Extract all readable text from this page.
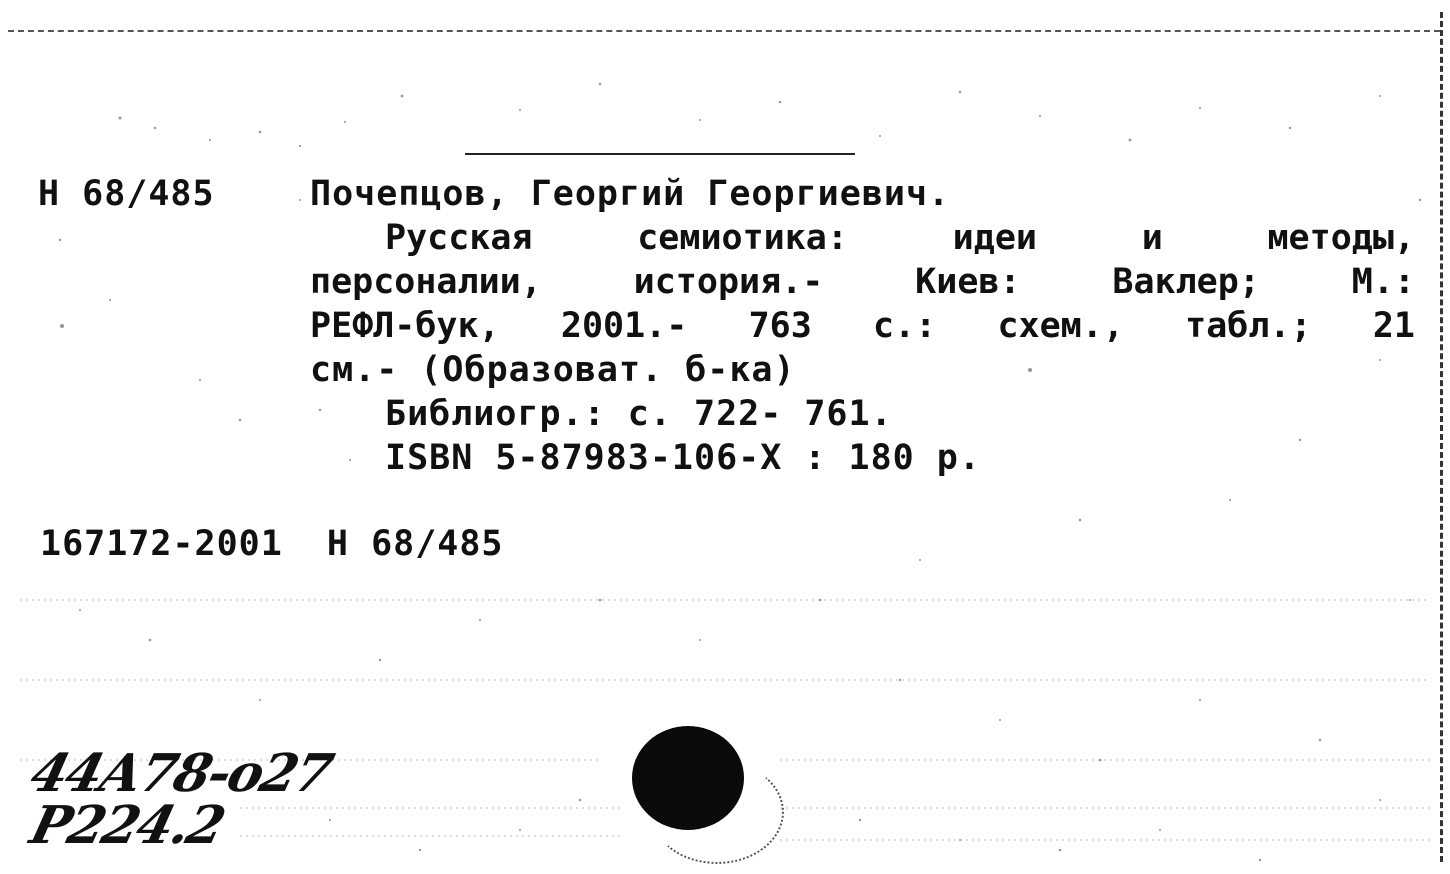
Н 68/485	Почепцов, Георгий Георгиевич.
Русская	семиотика:	идеи	и	методы,
персоналии,	история.-	Киев:	Ваклер;	М.:
РЕФЛ-бук, 2001.- 763 с.: схем., табл.; 21
см.- (Образоват. б-ка)
Библиогр.: с. 722- 761.
ISBN 5-87983-106-X : 180 р.
167172-2001  Н 68/485
44А78-о27
Р224.2
